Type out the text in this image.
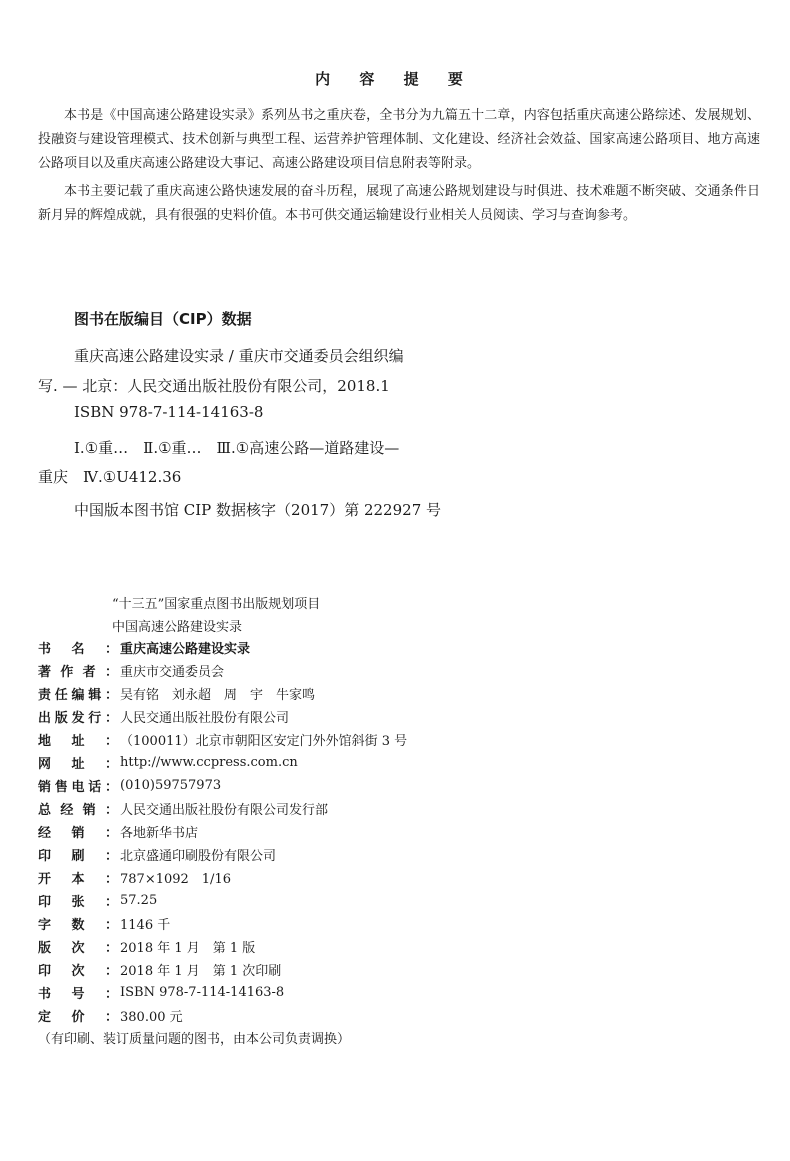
内 容 提 要

本书是《中国高速公路建设实录》系列丛书之重庆卷，全书分为九篇五十二章，内容包括重庆高速公路综述、发展规划、投融资与建设管理模式、技术创新与典型工程、运营养护管理体制、文化建设、经济社会效益、国家高速公路项目、地方高速公路项目以及重庆高速公路建设大事记、高速公路建设项目信息附表等附录。

本书主要记载了重庆高速公路快速发展的奋斗历程，展现了高速公路规划建设与时俱进、技术难题不断突破、交通条件日新月异的辉煌成就，具有很强的史料价值。本书可供交通运输建设行业相关人员阅读、学习与查询参考。

图书在版编目（CIP）数据
重庆高速公路建设实录 / 重庆市交通委员会组织编
写. — 北京：人民交通出版社股份有限公司，2018.1
ISBN 978-7-114-14163-8
Ⅰ.①重…　Ⅱ.①重…　Ⅲ.①高速公路—道路建设—
重庆　Ⅳ.①U412.36
中国版本图书馆 CIP 数据核字（2017）第 222927 号
“十三五”国家重点图书出版规划项目
中国高速公路建设实录
书名： 重庆高速公路建设实录
著作者： 重庆市交通委员会
责任编辑： 吴有铭　刘永超　周　宇　牛家鸣
出版发行： 人民交通出版社股份有限公司
地址： （100011）北京市朝阳区安定门外外馆斜街 3 号
网址： http://www.ccpress.com.cn
销售电话： (010)59757973
总经销： 人民交通出版社股份有限公司发行部
经销： 各地新华书店
印刷： 北京盛通印刷股份有限公司
开本： 787×1092　1/16
印张： 57.25
字数： 1146 千
版次： 2018 年 1 月　第 1 版
印次： 2018 年 1 月　第 1 次印刷
书号： ISBN 978-7-114-14163-8
定价： 380.00 元
（有印刷、装订质量问题的图书，由本公司负责调换）
